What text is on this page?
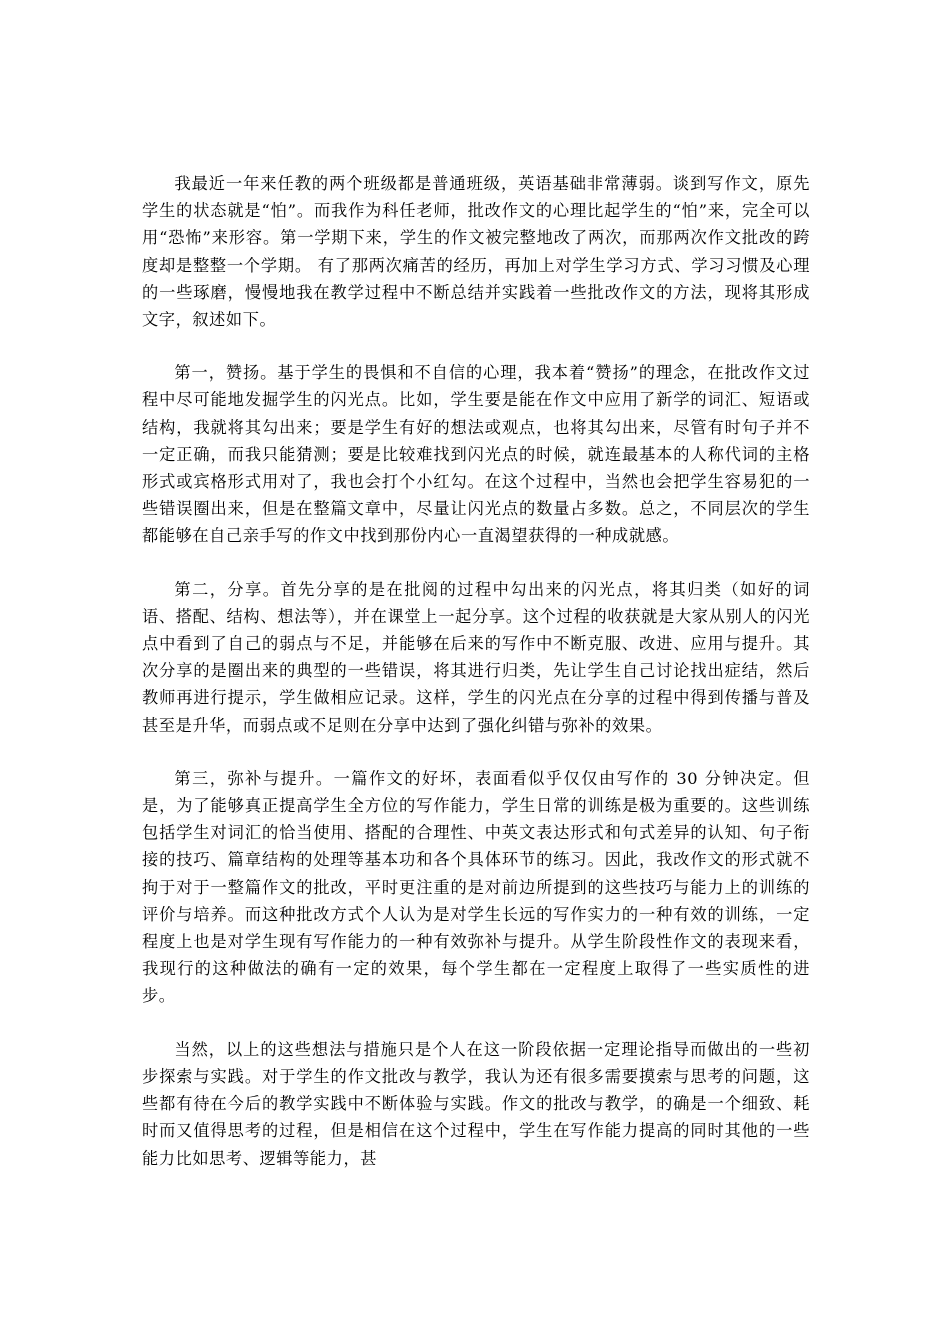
我最近一年来任教的两个班级都是普通班级，英语基础非常薄弱。谈到写作文，原先学生的状态就是“怕”。而我作为科任老师，批改作文的心理比起学生的“怕”来，完全可以用“恐怖”来形容。第一学期下来，学生的作文被完整地改了两次，而那两次作文批改的跨度却是整整一个学期。 有了那两次痛苦的经历，再加上对学生学习方式、学习习惯及心理的一些琢磨，慢慢地我在教学过程中不断总结并实践着一些批改作文的方法，现将其形成文字，叙述如下。

第一，赞扬。基于学生的畏惧和不自信的心理，我本着“赞扬”的理念，在批改作文过程中尽可能地发掘学生的闪光点。比如，学生要是能在作文中应用了新学的词汇、短语或结构，我就将其勾出来；要是学生有好的想法或观点，也将其勾出来，尽管有时句子并不一定正确，而我只能猜测；要是比较难找到闪光点的时候，就连最基本的人称代词的主格形式或宾格形式用对了，我也会打个小红勾。在这个过程中，当然也会把学生容易犯的一些错误圈出来，但是在整篇文章中，尽量让闪光点的数量占多数。总之，不同层次的学生都能够在自己亲手写的作文中找到那份内心一直渴望获得的一种成就感。

第二，分享。首先分享的是在批阅的过程中勾出来的闪光点，将其归类（如好的词语、搭配、结构、想法等），并在课堂上一起分享。这个过程的收获就是大家从别人的闪光点中看到了自己的弱点与不足，并能够在后来的写作中不断克服、改进、应用与提升。其次分享的是圈出来的典型的一些错误，将其进行归类，先让学生自己讨论找出症结，然后教师再进行提示，学生做相应记录。这样，学生的闪光点在分享的过程中得到传播与普及甚至是升华，而弱点或不足则在分享中达到了强化纠错与弥补的效果。

第三，弥补与提升。一篇作文的好坏，表面看似乎仅仅由写作的 30 分钟决定。但是，为了能够真正提高学生全方位的写作能力，学生日常的训练是极为重要的。这些训练包括学生对词汇的恰当使用、搭配的合理性、中英文表达形式和句式差异的认知、句子衔接的技巧、篇章结构的处理等基本功和各个具体环节的练习。因此，我改作文的形式就不拘于对于一整篇作文的批改，平时更注重的是对前边所提到的这些技巧与能力上的训练的评价与培养。而这种批改方式个人认为是对学生长远的写作实力的一种有效的训练，一定程度上也是对学生现有写作能力的一种有效弥补与提升。从学生阶段性作文的表现来看，我现行的这种做法的确有一定的效果，每个学生都在一定程度上取得了一些实质性的进步。

当然，以上的这些想法与措施只是个人在这一阶段依据一定理论指导而做出的一些初步探索与实践。对于学生的作文批改与教学，我认为还有很多需要摸索与思考的问题，这些都有待在今后的教学实践中不断体验与实践。作文的批改与教学，的确是一个细致、耗时而又值得思考的过程，但是相信在这个过程中，学生在写作能力提高的同时其他的一些能力比如思考、逻辑等能力，甚
